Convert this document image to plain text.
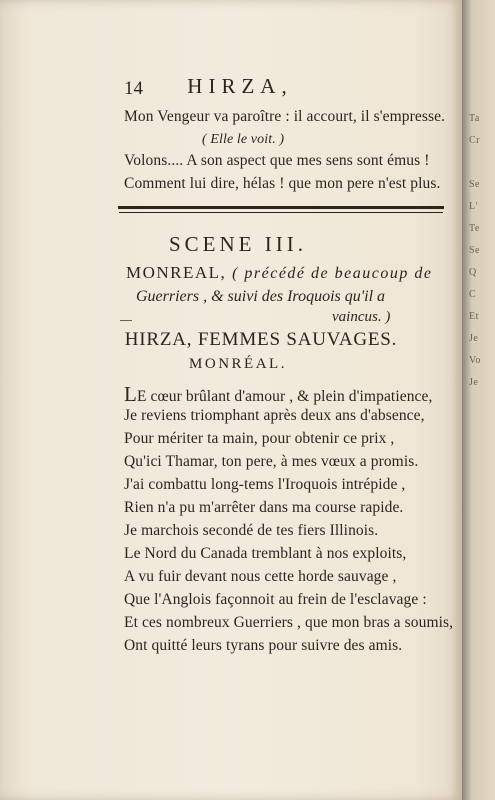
14	HIRZA,
Mon Vengeur va paroître : il accourt, il s'empresse.
( Elle le voit. )
Volons.... A son aspect que mes sens sont émus !
Comment lui dire, hélas ! que mon pere n'est plus.
SCENE III.
MONREAL, ( précédé de beaucoup de
Guerriers , & suivi des Iroquois qu'il a
vaincus. )
HIRZA, FEMMES SAUVAGES.
MONRÉAL.
LE cœur brûlant d'amour , & plein d'impatience,
Je reviens triomphant après deux ans d'absence,
Pour mériter ta main, pour obtenir ce prix ,
Qu'ici Thamar, ton pere, à mes vœux a promis.
J'ai combattu long-tems l'Iroquois intrépide ,
Rien n'a pu m'arrêter dans ma course rapide.
Je marchois secondé de tes fiers Illinois.
Le Nord du Canada tremblant à nos exploits,
A vu fuir devant nous cette horde sauvage ,
Que l'Anglois façonnoit au frein de l'esclavage :
Et ces nombreux Guerriers , que mon bras a soumis,
Ont quitté leurs tyrans pour suivre des amis.
Ta
Cr

Se
L'
Te
Se
Q
C
Et
Je
Vo
Je
